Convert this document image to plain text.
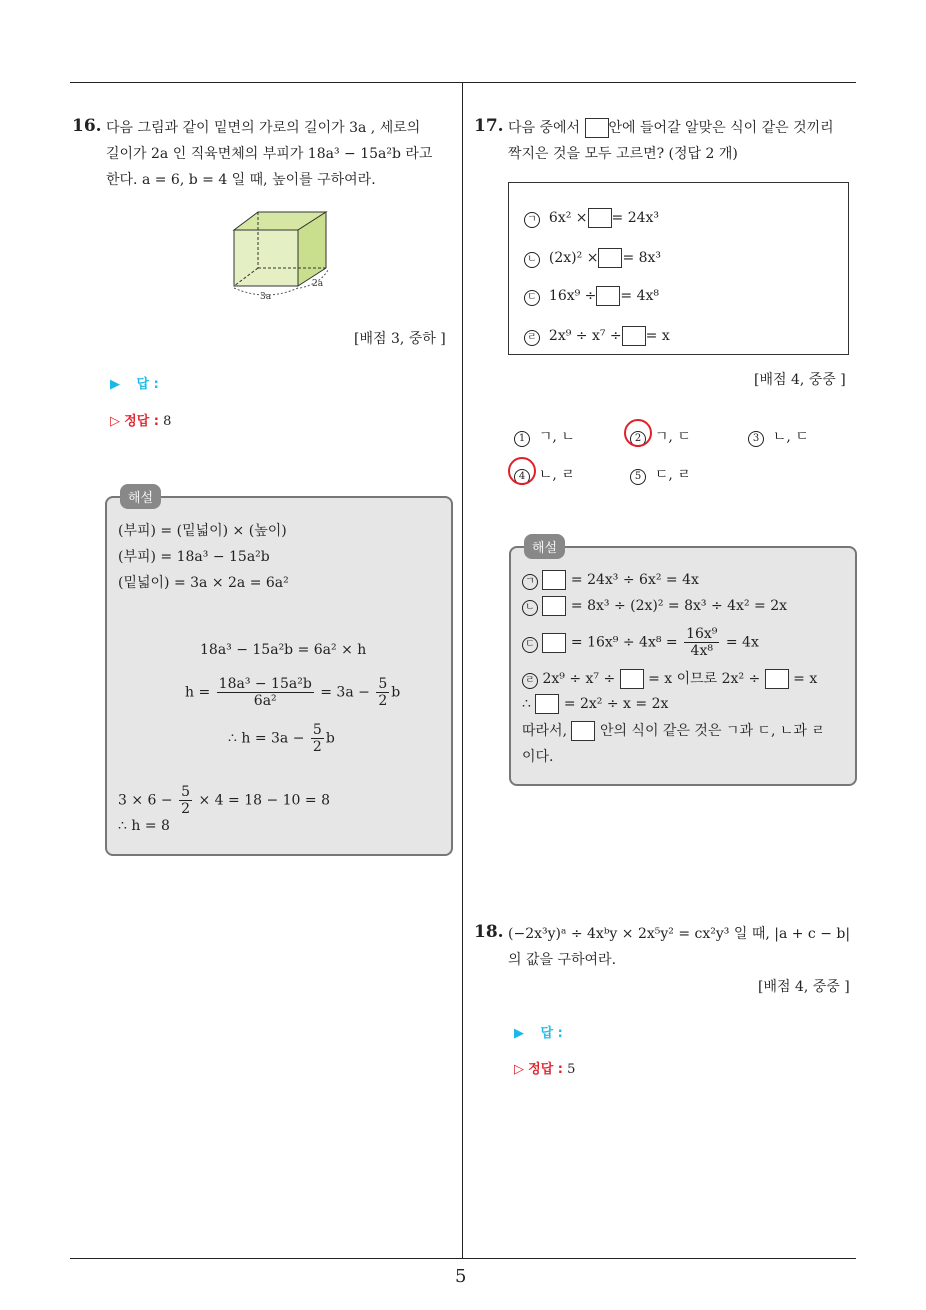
16. 다음 그림과 같이 밑면의 가로의 길이가 3a , 세로의
길이가 2a 인 직육면체의 부피가 18a³ − 15a²b 라고
한다. a = 6, b = 4 일 때, 높이를 구하여라.
3a
2a
[배점 3, 중하 ]
▶ 답 :
▷ 정답 : 8
해설
(부피) = (밑넓이) × (높이)
(부피) = 18a³ − 15a²b
(밑넓이) = 3a × 2a = 6a²
18a³ − 15a²b = 6a² × h
$h = \frac{\text{18a³ − 15a²b}}{\text{6a²}} = 3a - \frac{5}{2}$ b
∴ $h = 3a - \frac{5}{2}$ b
$3 \times 6 - \frac{5}{2} \times 4 = 18 - 10 = 8$
∴ h = 8
17. 다음 중에서 안에 들어갈 알맞은 식이 같은 것끼리
짝지은 것을 모두 고르면? (정답 2 개)
ㄱ 6x² × = 24x³
ㄴ (2x)² × = 8x³
ㄷ 16x⁹ ÷ = 4x⁸
ㄹ 2x⁹ ÷ x⁷ ÷ = x
[배점 4, 중중 ]
1 ㄱ, ㄴ	2 ㄱ, ㄷ	3 ㄴ, ㄷ
4 ㄴ, ㄹ	5 ㄷ, ㄹ
해설
ㄱ	= 24x³ ÷ 6x² = 4x
ㄴ	= 8x³ ÷ (2x)² = 8x³ ÷ 4x² = 2x
ㄷ	= $16x^9 \div 4x^8 = \frac{\text{16x⁹}}{\text{4x⁸}} = 4x$
ㄹ 2x⁹ ÷ x⁷ ÷ = x 이므로 2x² ÷ = x
∴ = 2x² ÷ x = 2x
따라서, 안의 식이 같은 것은 ㄱ과 ㄷ, ㄴ과 ㄹ
이다.
18. (−2x³y)ᵃ ÷ 4xᵇy × 2x⁵y² = cx²y³ 일 때, |a + c − b|
의 값을 구하여라.
[배점 4, 중중 ]
▶ 답 :
▷ 정답 : 5
5
